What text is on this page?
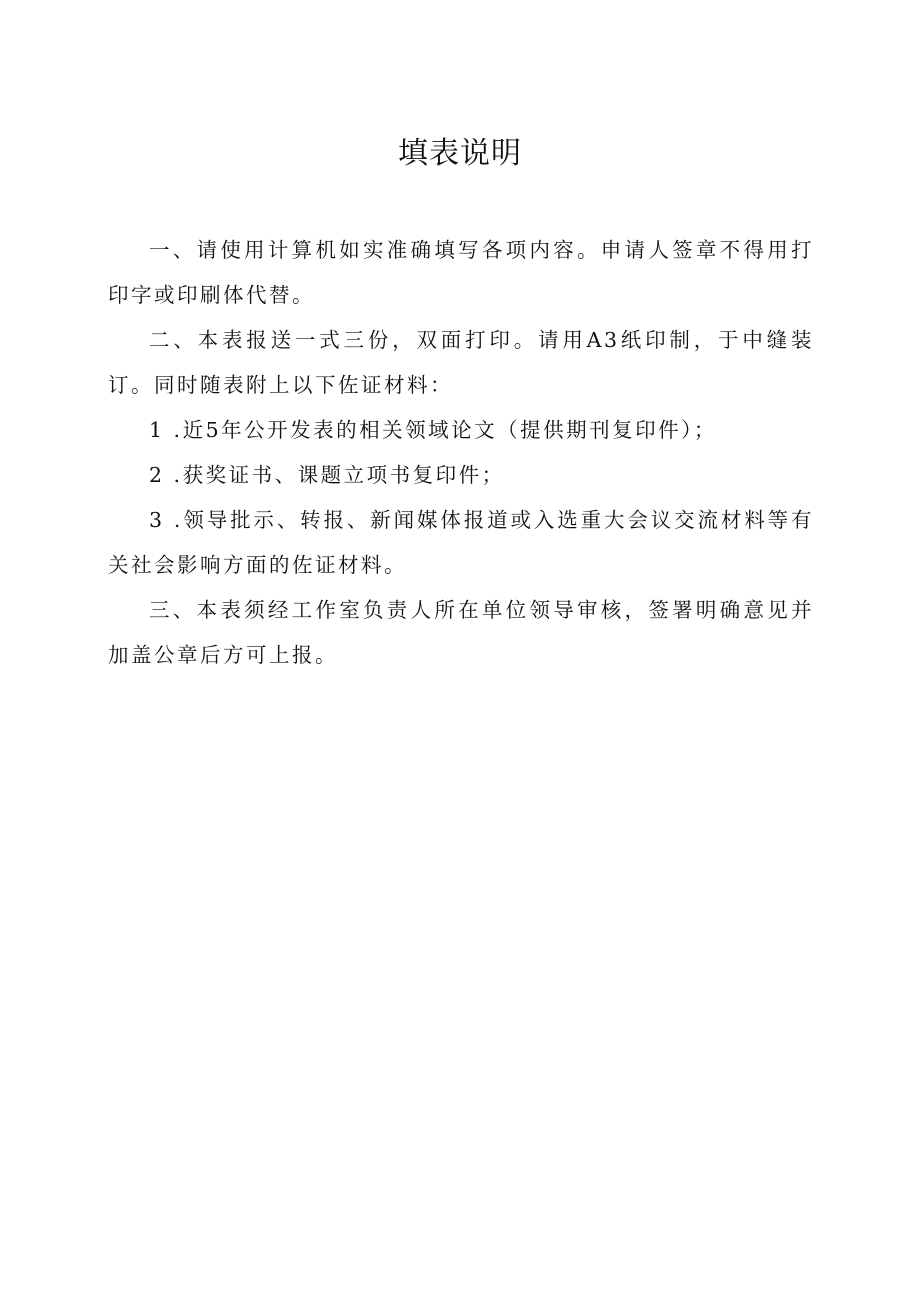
填表说明

一、请使用计算机如实准确填写各项内容。申请人签章不得用打印字或印刷体代替。

二、本表报送一式三份，双面打印。请用A3纸印制，于中缝装订。同时随表附上以下佐证材料：

1 .近5年公开发表的相关领域论文（提供期刊复印件）；

2 .获奖证书、课题立项书复印件；

3 .领导批示、转报、新闻媒体报道或入选重大会议交流材料等有关社会影响方面的佐证材料。

三、本表须经工作室负责人所在单位领导审核，签署明确意见并加盖公章后方可上报。
